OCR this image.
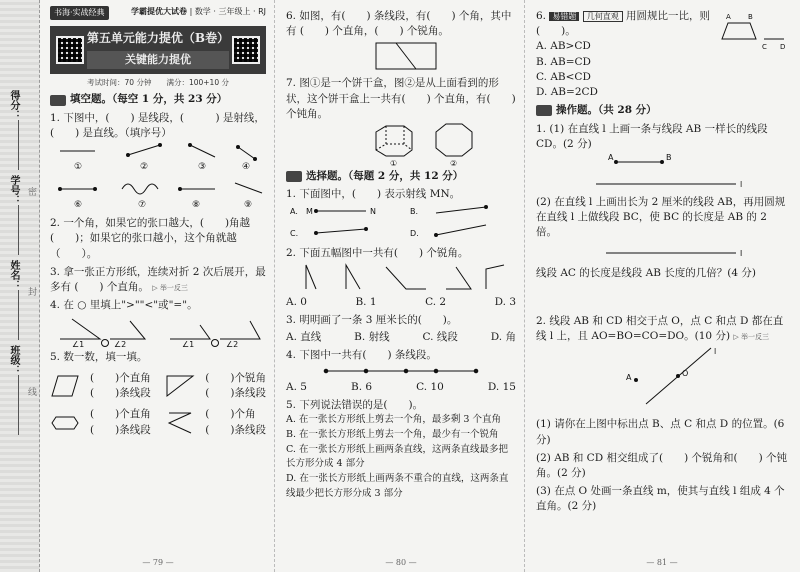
得分：
学号：
姓名：
班级：
密
封
线
书海·实战经典	学霸提优大试卷 | 数学 · 三年级上 · RJ
第五单元能力提优（B卷）
关键能力提优
考试时间：70 分钟　　满分：100+10 分
填空题。（每空 1 分，共 23 分）
1. 下图中，(　　) 是线段，(　　　) 是射线，(　　) 是直线。（填序号）
①	②	③	④
⑥	⑦	⑧	⑨
2. 一个角，如果它的张口越大，(　　)角越 (　　)；如果它的张口越小，这个角就越（　　）。
3. 拿一张正方形纸，连续对折 2 次后展开，最多有 (　　) 个直角。 ▷ 举一反三
4. 在 ○ 里填上">""<"或"="。
∠1	∠2	∠1	∠2
5. 数一数，填一填。
(　　)个直角
(　　)条线段
(　　)个锐角
(　　)条线段
(　　)个直角
(　　)条线段
(　　)个角
(　　)条线段
— 79 —
6. 如图，有(　　) 条线段，有(　　) 个角，其中有 (　　) 个直角，(　　) 个锐角。
7. 图①是一个饼干盒，图②是从上面看到的形状，这个饼干盒上一共有(　　) 个直角，有(　　) 个钝角。
①	②
选择题。（每题 2 分，共 12 分）
1. 下面图中，(　　) 表示射线 MN。
A.	B.
C.	D.
M	N
2. 下面五幅图中一共有(　　) 个锐角。
A. 0	B. 1	C. 2	D. 3
3. 明明画了一条 3 厘米长的(　　)。
A. 直线	B. 射线	C. 线段	D. 角
4. 下图中一共有(　　) 条线段。
A. 5	B. 6	C. 10	D. 15
5. 下列说法错误的是(　　)。
A. 在一张长方形纸上剪去一个角，最多剩 3 个直角
B. 在一张长方形纸上剪去一个角，最少有一个锐角
C. 在一张长方形纸上画两条直线，这两条直线最多把长方形分成 4 部分
D. 在一张长方形纸上画两条不重合的直线，这两条直线最少把长方形分成 3 部分
— 80 —
6. 易错题 几何直观 用圆规比一比，则(　　)。
A. AB>CD
B. AB=CD
C. AB<CD
D. AB=2CD
A B
C D
操作题。（共 28 分）
1. (1) 在直线 l 上画一条与线段 AB 一样长的线段 CD。(2 分)
A	B
l
(2) 在直线 l 上画出长为 2 厘米的线段 AB，再用圆规在直线 l 上做线段 BC，使 BC 的长度是 AB 的 2 倍。
l
线段 AC 的长度是线段 AB 长度的几倍？(4 分)
2. 线段 AB 和 CD 相交于点 O，点 C 和点 D 都在直线 l 上，且 AO=BO=CO=DO。(10 分) ▷ 举一反三
A	O
l
(1) 请你在上图中标出点 B、点 C 和点 D 的位置。(6 分)
(2) AB 和 CD 相交组成了(　　) 个锐角和(　　) 个钝角。(2 分)
(3) 在点 O 处画一条直线 m，使其与直线 l 组成 4 个直角。(2 分)
— 81 —
